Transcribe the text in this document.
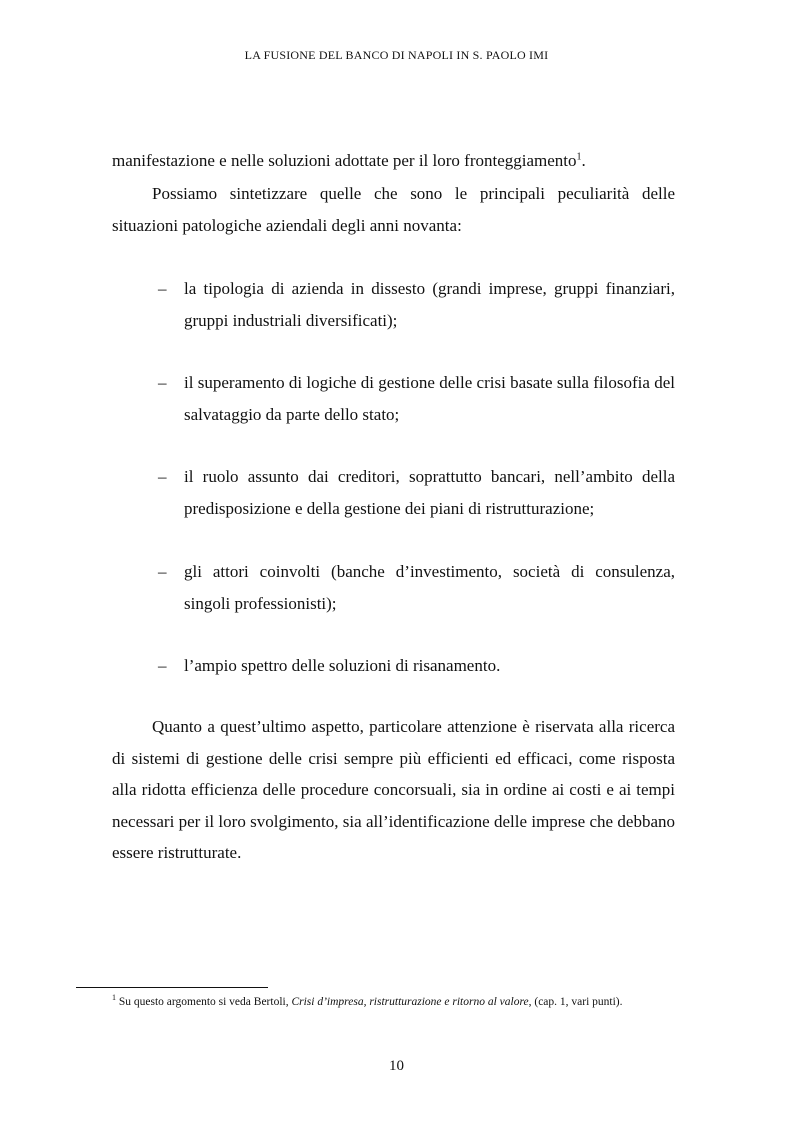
LA FUSIONE DEL BANCO DI NAPOLI IN S. PAOLO IMI

manifestazione e nelle soluzioni adottate per il loro fronteggiamento$^1$.

Possiamo sintetizzare quelle che sono le principali peculiarità delle situazioni patologiche aziendali degli anni novanta:

– la tipologia di azienda in dissesto (grandi imprese, gruppi finanziari, gruppi industriali diversificati);
– il superamento di logiche di gestione delle crisi basate sulla filosofia del salvataggio da parte dello stato;
– il ruolo assunto dai creditori, soprattutto bancari, nell’ambito della predisposizione e della gestione dei piani di ristrutturazione;
– gli attori coinvolti (banche d’investimento, società di consulenza, singoli professionisti);
– l’ampio spettro delle soluzioni di risanamento.

Quanto a quest’ultimo aspetto, particolare attenzione è riservata alla ricerca di sistemi di gestione delle crisi sempre più efficienti ed efficaci, come risposta alla ridotta efficienza delle procedure concorsuali, sia in ordine ai costi e ai tempi necessari per il loro svolgimento, sia all’identificazione delle imprese che debbano essere ristrutturate.

$^1$ Su questo argomento si veda Bertoli, Crisi d’impresa, ristrutturazione e ritorno al valore, (cap. 1, vari punti).
10
